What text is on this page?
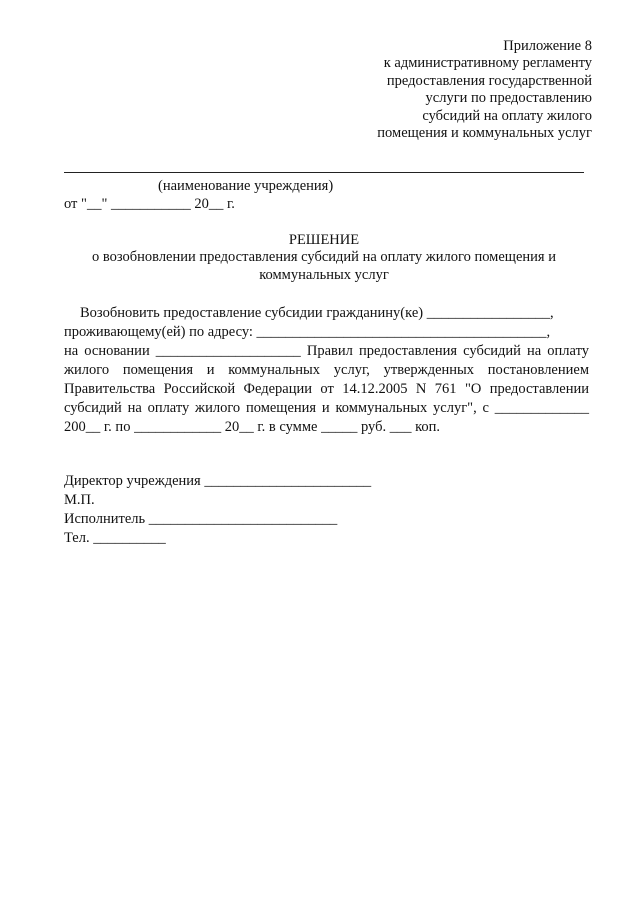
Приложение 8
к административному регламенту
предоставления государственной
услуги по предоставлению
субсидий на оплату жилого
помещения и коммунальных услуг
(наименование учреждения)
от "__" ___________ 20__ г.
РЕШЕНИЕ
о возобновлении предоставления субсидий на оплату жилого помещения и коммунальных услуг

Возобновить предоставление субсидии гражданину(ке) _________________,

проживающему(ей) по адресу: ________________________________________,

на основании ____________________ Правил предоставления субсидий на оплату жилого помещения и коммунальных услуг, утвержденных постановлением Правительства Российской Федерации от 14.12.2005 N 761 "О предоставлении субсидий на оплату жилого помещения и коммунальных услуг", с _____________ 200__ г. по ____________ 20__ г. в сумме _____ руб. ___ коп.

Директор учреждения _______________________
М.П.
Исполнитель __________________________
Тел. __________
